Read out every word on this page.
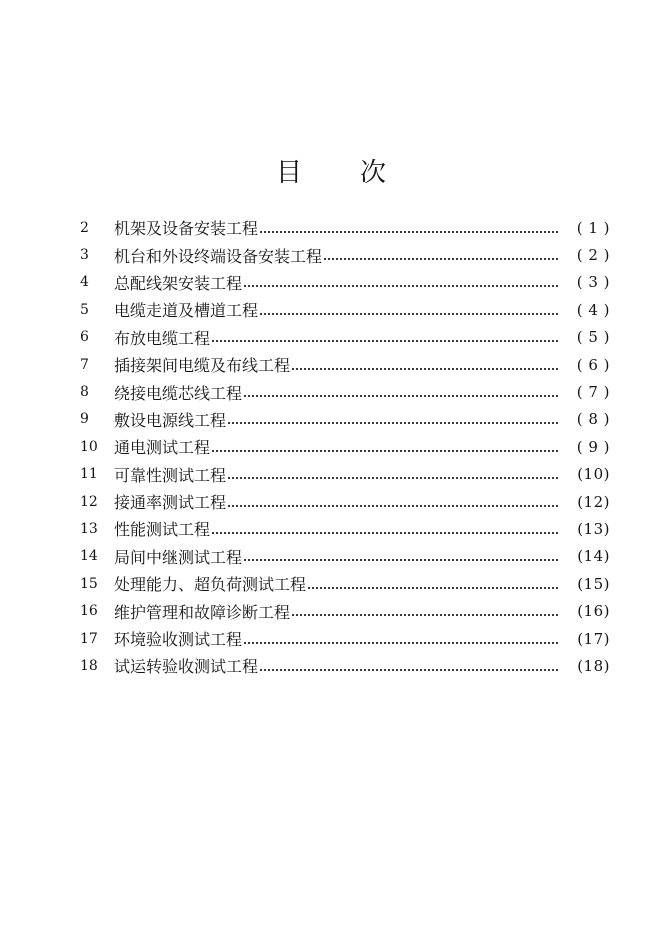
目 次
2	机架及设备安装工程	( 1 )
3	机台和外设终端设备安装工程	( 2 )
4	总配线架安装工程	( 3 )
5	电缆走道及槽道工程	( 4 )
6	布放电缆工程	( 5 )
7	插接架间电缆及布线工程	( 6 )
8	绕接电缆芯线工程	( 7 )
9	敷设电源线工程	( 8 )
10	通电测试工程	( 9 )
11	可靠性测试工程	(10)
12	接通率测试工程	(12)
13	性能测试工程	(13)
14	局间中继测试工程	(14)
15	处理能力、超负荷测试工程	(15)
16	维护管理和故障诊断工程	(16)
17	环境验收测试工程	(17)
18	试运转验收测试工程	(18)
